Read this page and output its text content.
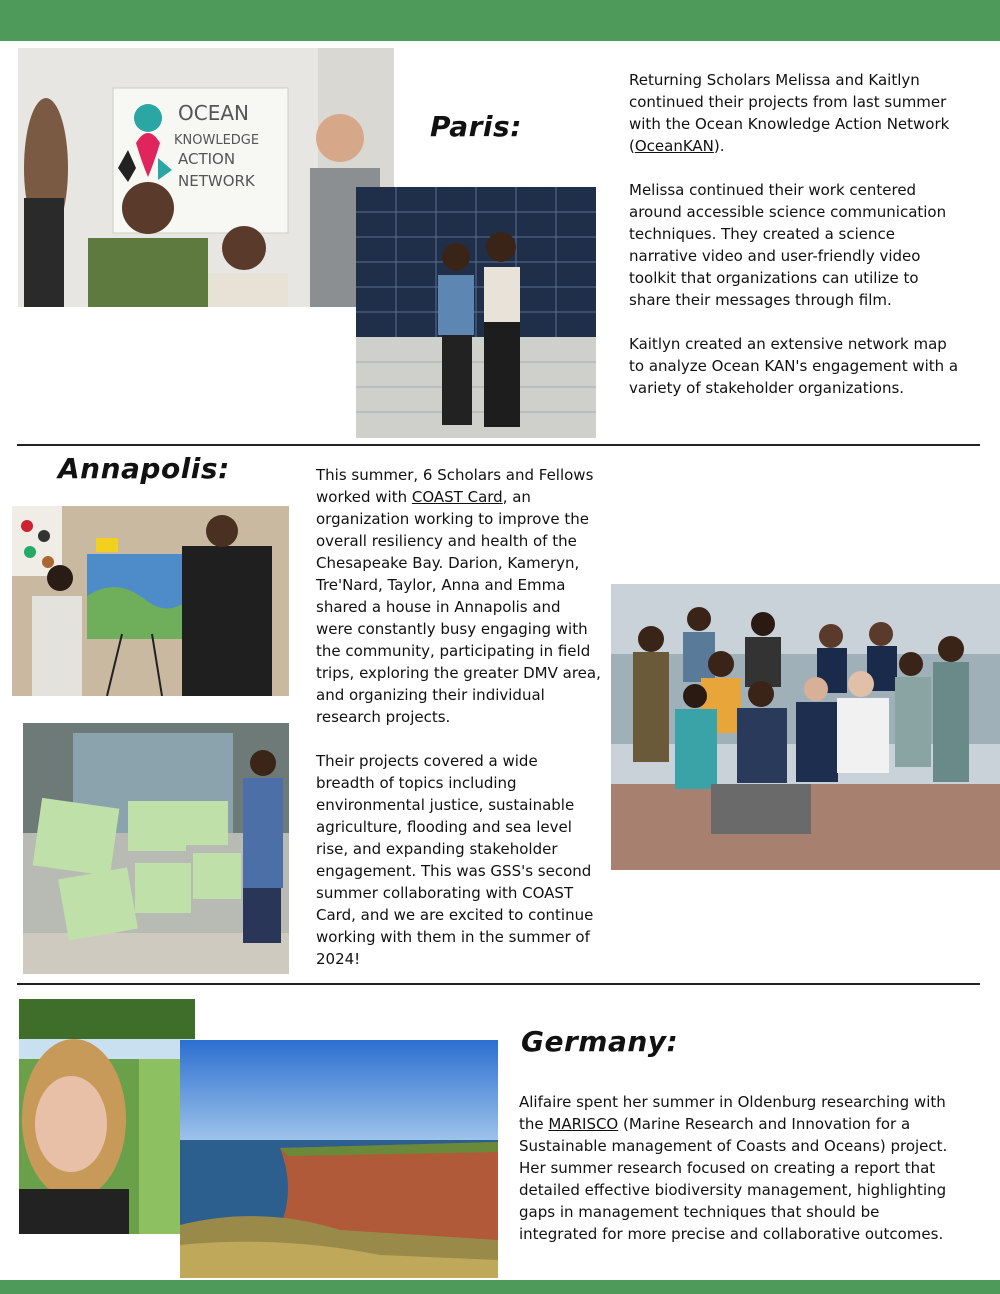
OCEAN
KNOWLEDGE
ACTION
NETWORK
Paris:

Returning Scholars Melissa and Kaitlyn continued their projects from last summer with the Ocean Knowledge Action Network (OceanKAN).

Melissa continued their work centered around accessible science communication techniques. They created a science narrative video and user-friendly video toolkit that organizations can utilize to share their messages through film.

Kaitlyn created an extensive network map to analyze Ocean KAN's engagement with a variety of stakeholder organizations.

Annapolis:	This summer, 6 Scholars and Fellows worked with COAST Card, an organization working to improve the overall resiliency and health of the Chesapeake Bay. Darion, Kameryn, Tre'Nard, Taylor, Anna and Emma shared a house in Annapolis and were constantly busy engaging with the community, participating in field trips, exploring the greater DMV area, and organizing their individual research projects.

Their projects covered a wide breadth of topics including environmental justice, sustainable agriculture, flooding and sea level rise, and expanding stakeholder engagement. This was GSS's second summer collaborating with COAST Card, and we are excited to continue working with them in the summer of 2024!

Germany:

Alifaire spent her summer in Oldenburg researching with the MARISCO (Marine Research and Innovation for a Sustainable management of Coasts and Oceans) project. Her summer research focused on creating a report that detailed effective biodiversity management, highlighting gaps in management techniques that should be integrated for more precise and collaborative outcomes.
